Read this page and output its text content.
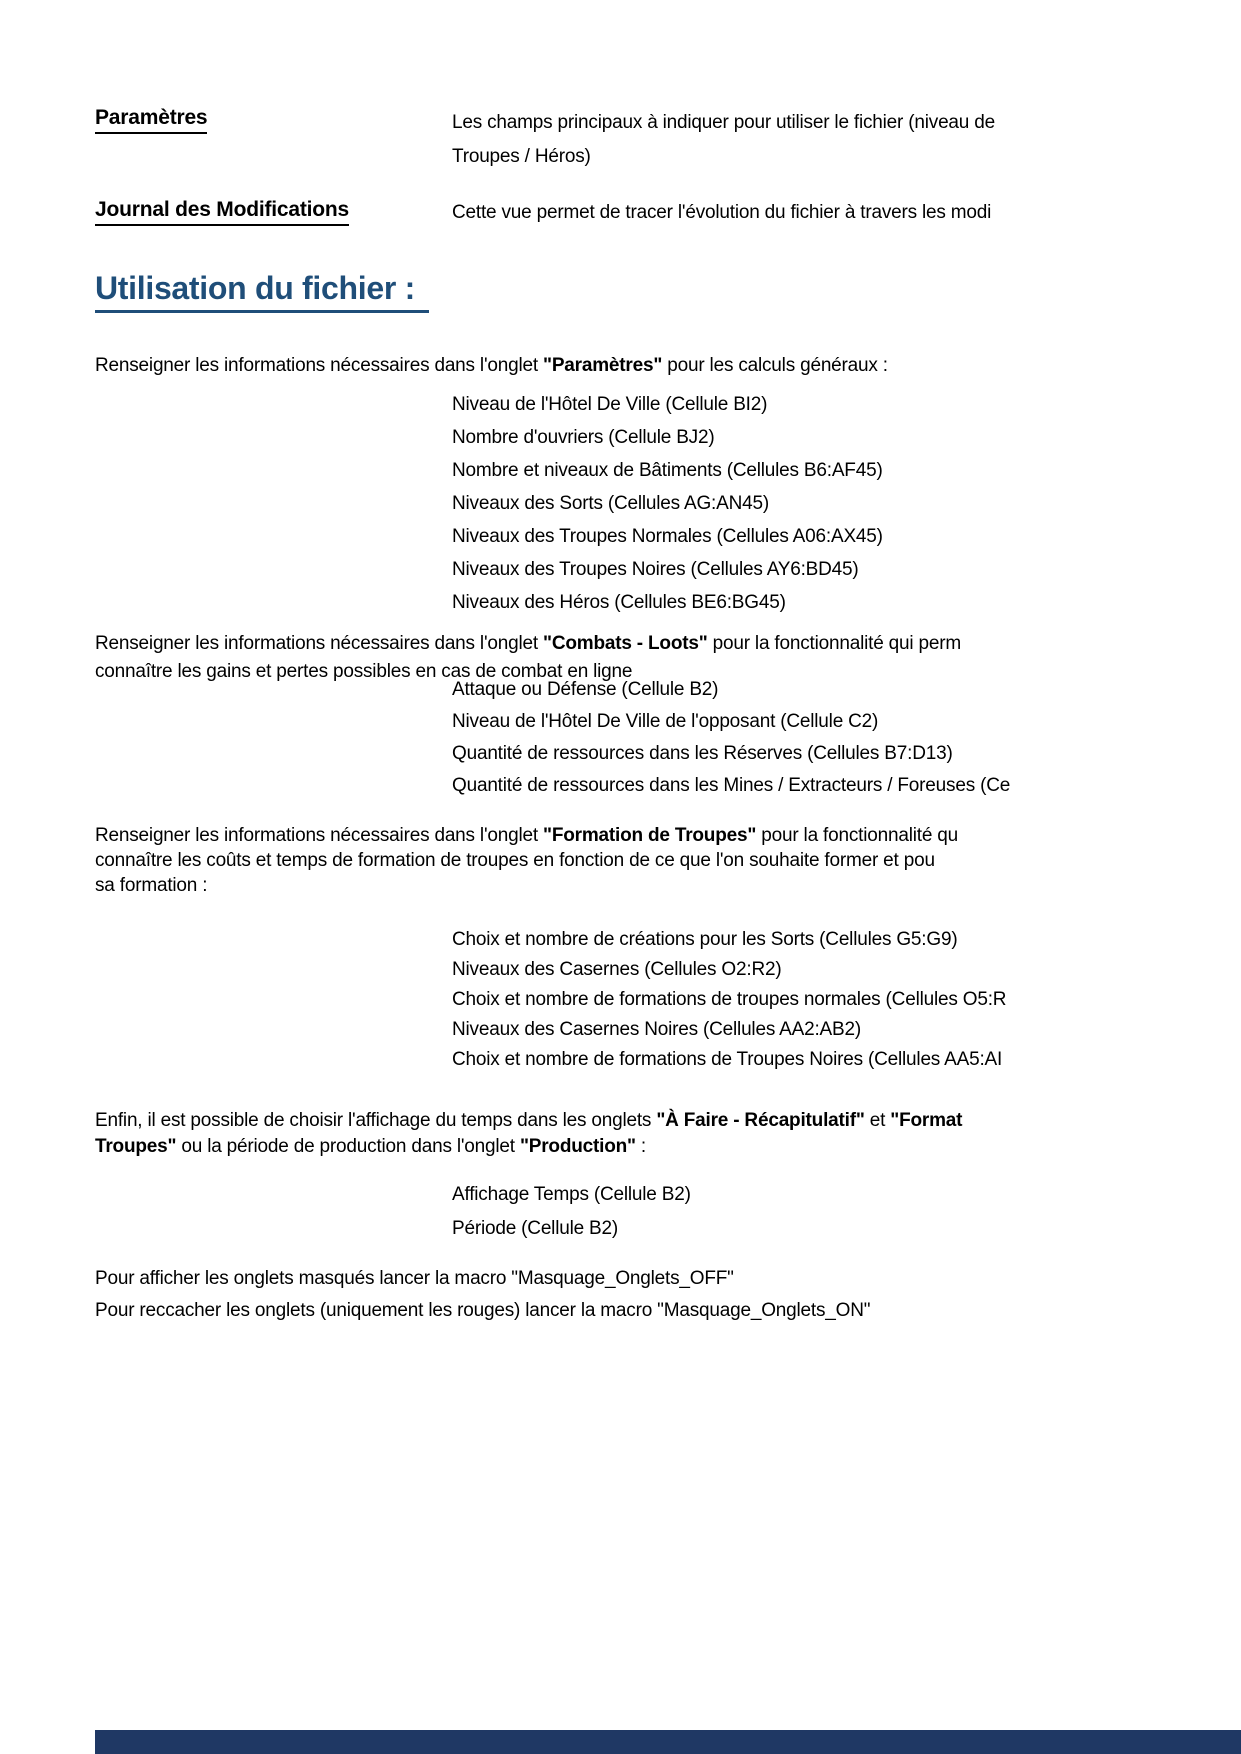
Paramètres	Les champs principaux à indiquer pour utiliser le fichier (niveau de
Troupes / Héros)
Journal des Modifications	Cette vue permet de tracer l'évolution du fichier à travers les modi
Utilisation du fichier :
Renseigner les informations nécessaires dans l'onglet "Paramètres" pour les calculs généraux :
Niveau de l'Hôtel De Ville (Cellule BI2)
Nombre d'ouvriers (Cellule BJ2)
Nombre et niveaux de Bâtiments (Cellules B6:AF45)
Niveaux des Sorts (Cellules AG:AN45)
Niveaux des Troupes Normales (Cellules A06:AX45)
Niveaux des Troupes Noires (Cellules AY6:BD45)
Niveaux des Héros (Cellules BE6:BG45)
Renseigner les informations nécessaires dans l'onglet "Combats - Loots" pour la fonctionnalité qui perm
connaître les gains et pertes possibles en cas de combat en ligne
Attaque ou Défense (Cellule B2)
Niveau de l'Hôtel De Ville de l'opposant (Cellule C2)
Quantité de ressources dans les Réserves (Cellules B7:D13)
Quantité de ressources dans les Mines / Extracteurs / Foreuses (Ce
Renseigner les informations nécessaires dans l'onglet "Formation de Troupes" pour la fonctionnalité qu
connaître les coûts et temps de formation de troupes en fonction de ce que l'on souhaite former et pou
sa formation :
Choix et nombre de créations pour les Sorts (Cellules G5:G9)
Niveaux des Casernes (Cellules O2:R2)
Choix et nombre de formations de troupes normales (Cellules O5:R
Niveaux des Casernes Noires (Cellules AA2:AB2)
Choix et nombre de formations de Troupes Noires (Cellules AA5:AI
Enfin, il est possible de choisir l'affichage du temps dans les onglets "À Faire - Récapitulatif" et "Format
Troupes" ou la période de production dans l'onglet "Production" :
Affichage Temps (Cellule B2)
Période (Cellule B2)
Pour afficher les onglets masqués lancer la macro "Masquage_Onglets_OFF"
Pour reccacher les onglets (uniquement les rouges) lancer la macro "Masquage_Onglets_ON"
